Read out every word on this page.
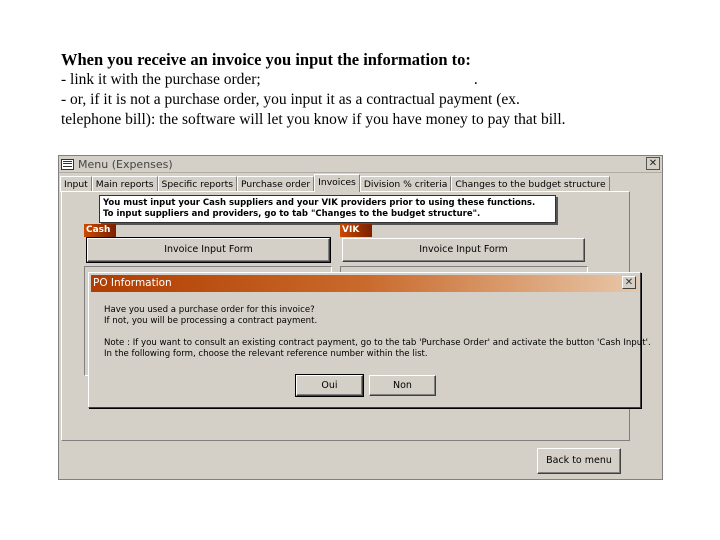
When you receive an invoice you input the information to:
- link it with the purchase order;                                                       .
- or, if it is not a purchase order, you input it as a contractual payment (ex.
telephone bill): the software will let you know if you have money to pay that bill.
Menu (Expenses)	✕
Input Main reports Specific reports Purchase order Invoices Division % criteria Changes to the budget structure
You must input your Cash suppliers and your VIK providers prior to using these functions.
To input suppliers and providers, go to tab "Changes to the budget structure".
Cash
Invoice Input Form
VIK
Invoice Input Form
Back to menu
PO Information	✕
Have you used a purchase order for this invoice?
If not, you will be processing a contract payment.
Note : If you want to consult an existing contract payment, go to the tab 'Purchase Order' and activate the button 'Cash Input'.
In the following form, choose the relevant reference number within the list.
Oui	Non
